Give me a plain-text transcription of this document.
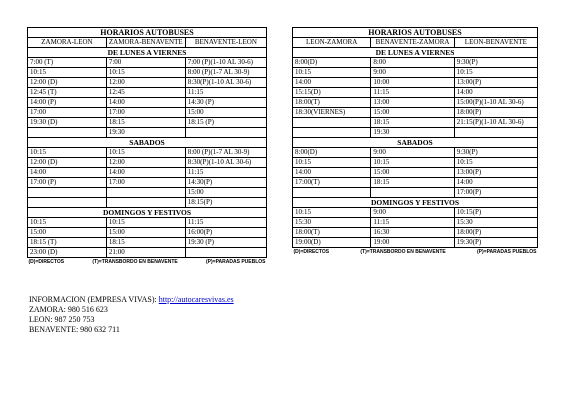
HORARIOS AUTOBUSES		
ZAMORA-LEON	ZAMORA-BENAVENTE	BENAVENTE-LEON
DE LUNES A VIERNES		
7:00 (T)	7:00	7:00 (P)(1-10 AL 30-6)
10:15	10:15	8:00 (P)(1-7 AL 30-9)
12:00 (D)	12:00	8:30(P)(1-10 AL 30-6)
12:45 (T)	12:45	11:15
14:00 (P)	14:00	14:30 (P)
17:00	17:00	15:00
19:30 (D)	18:15	18:15 (P)
	19:30	
SABADOS		
10:15	10:15	8:00 (P)(1-7 AL 30-9)
12:00 (D)	12:00	8:30(P)(1-10 AL 30-6)
14:00	14:00	11:15
17:00 (P)	17:00	14:30(P)
		15:00
		18:15(P)
DOMINGOS Y FESTIVOS		
10:15	10:15	11:15
15:00	15:00	16:00(P)
18:15 (T)	18:15	19:30 (P)
23:00 (D)	21:00	

(D)=DIRECTOS (T)=TRANSBORDO EN BENAVENTE (P)=PARADAS PUEBLOS		
HORARIOS AUTOBUSES		
LEON-ZAMORA	BENAVENTE-ZAMORA	LEON-BENAVENTE
DE LUNES A VIERNES		
8:00(D)	8:00	9:30(P)
10:15	9:00	10:15
14:00	10:00	13:00(P)
15:15(D)	11:15	14:00
18:00(T)	13:00	15:00(P)(1-10 AL 30-6)
18:30(VIERNES)	15:00	18:00(P)
	18:15	21:15(P)(1-10 AL 30-6)
	19:30	
SABADOS		
8:00(D)	9:00	9:30(P)
10:15	10:15	10:15
14:00	15:00	13:00(P)
17:00(T)	18:15	14:00
		17:00(P)
DOMINGOS Y FESTIVOS		
10:15	9:00	10:15(P)
15:30	11:15	15:30
18:00(T)	16:30	18:00(P)
19:00(D)	19:00	19:30(P)

(D)=DIRECTOS (T)=TRANSBORDO EN BENAVENTE (P)=PARADAS PUEBLOS		
INFORMACION (EMPRESA VIVAS): http://autocaresvivas.es
ZAMORA: 980 516 623
LEON: 987 250 753
BENAVENTE: 980 632 711
